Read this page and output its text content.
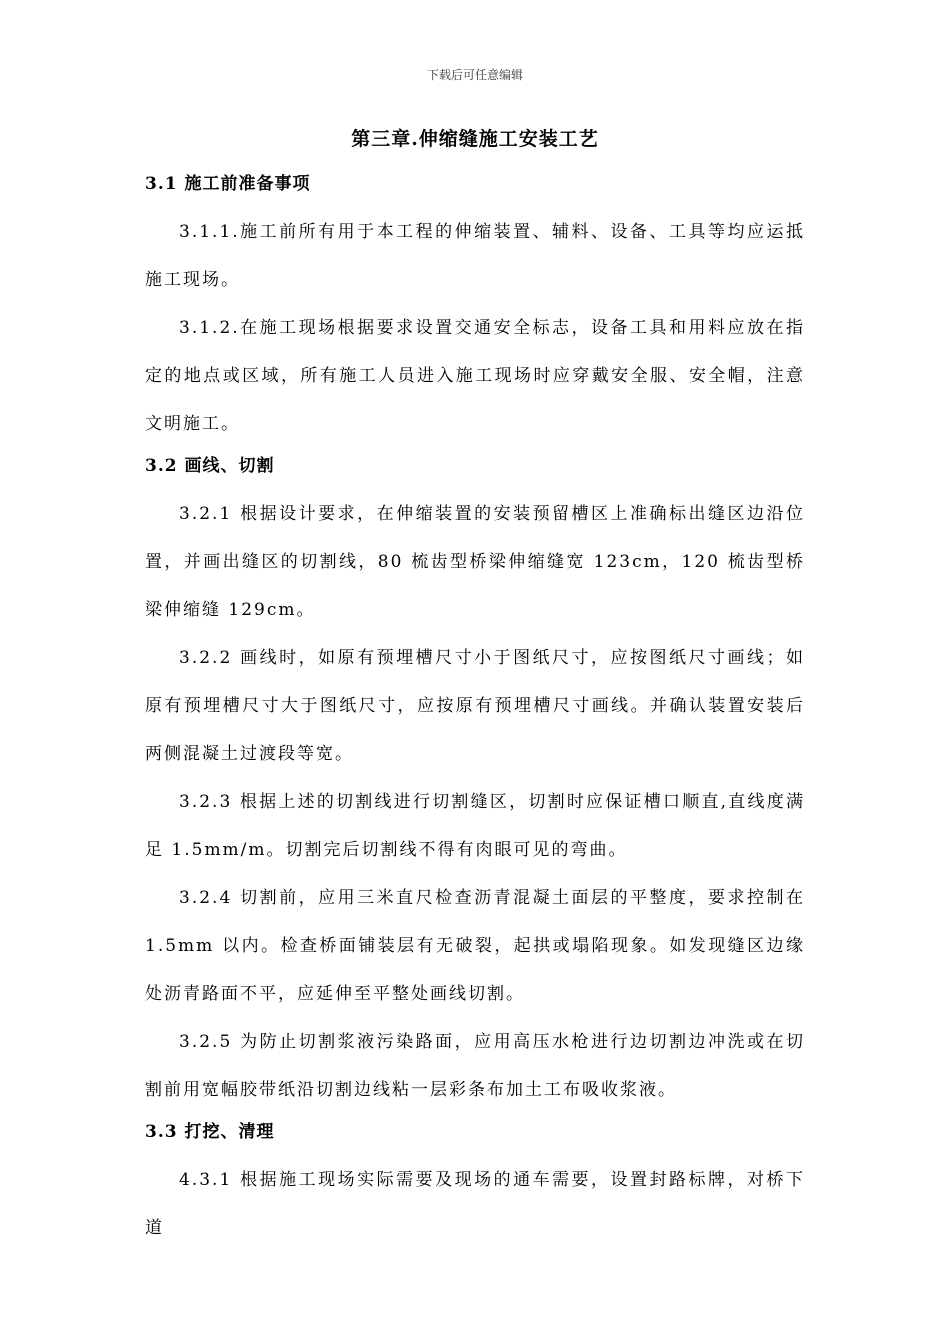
下载后可任意编辑
第三章.伸缩缝施工安装工艺
3.1 施工前准备事项

3.1.1.施工前所有用于本工程的伸缩装置、辅料、设备、工具等均应运抵施工现场。

3.1.2.在施工现场根据要求设置交通安全标志，设备工具和用料应放在指定的地点或区域，所有施工人员进入施工现场时应穿戴安全服、安全帽，注意文明施工。

3.2 画线、切割

3.2.1 根据设计要求，在伸缩装置的安装预留槽区上准确标出缝区边沿位置，并画出缝区的切割线，80 梳齿型桥梁伸缩缝宽 123cm，120 梳齿型桥梁伸缩缝 129cm。

3.2.2 画线时，如原有预埋槽尺寸小于图纸尺寸，应按图纸尺寸画线；如原有预埋槽尺寸大于图纸尺寸，应按原有预埋槽尺寸画线。并确认装置安装后两侧混凝土过渡段等宽。

3.2.3 根据上述的切割线进行切割缝区，切割时应保证槽口顺直,直线度满足 1.5mm/m。切割完后切割线不得有肉眼可见的弯曲。

3.2.4 切割前，应用三米直尺检查沥青混凝土面层的平整度，要求控制在 1.5mm 以内。检查桥面铺装层有无破裂，起拱或塌陷现象。如发现缝区边缘处沥青路面不平，应延伸至平整处画线切割。

3.2.5 为防止切割浆液污染路面，应用高压水枪进行边切割边冲洗或在切割前用宽幅胶带纸沿切割边线粘一层彩条布加土工布吸收浆液。

3.3 打挖、清理

4.3.1 根据施工现场实际需要及现场的通车需要，设置封路标牌，对桥下道
